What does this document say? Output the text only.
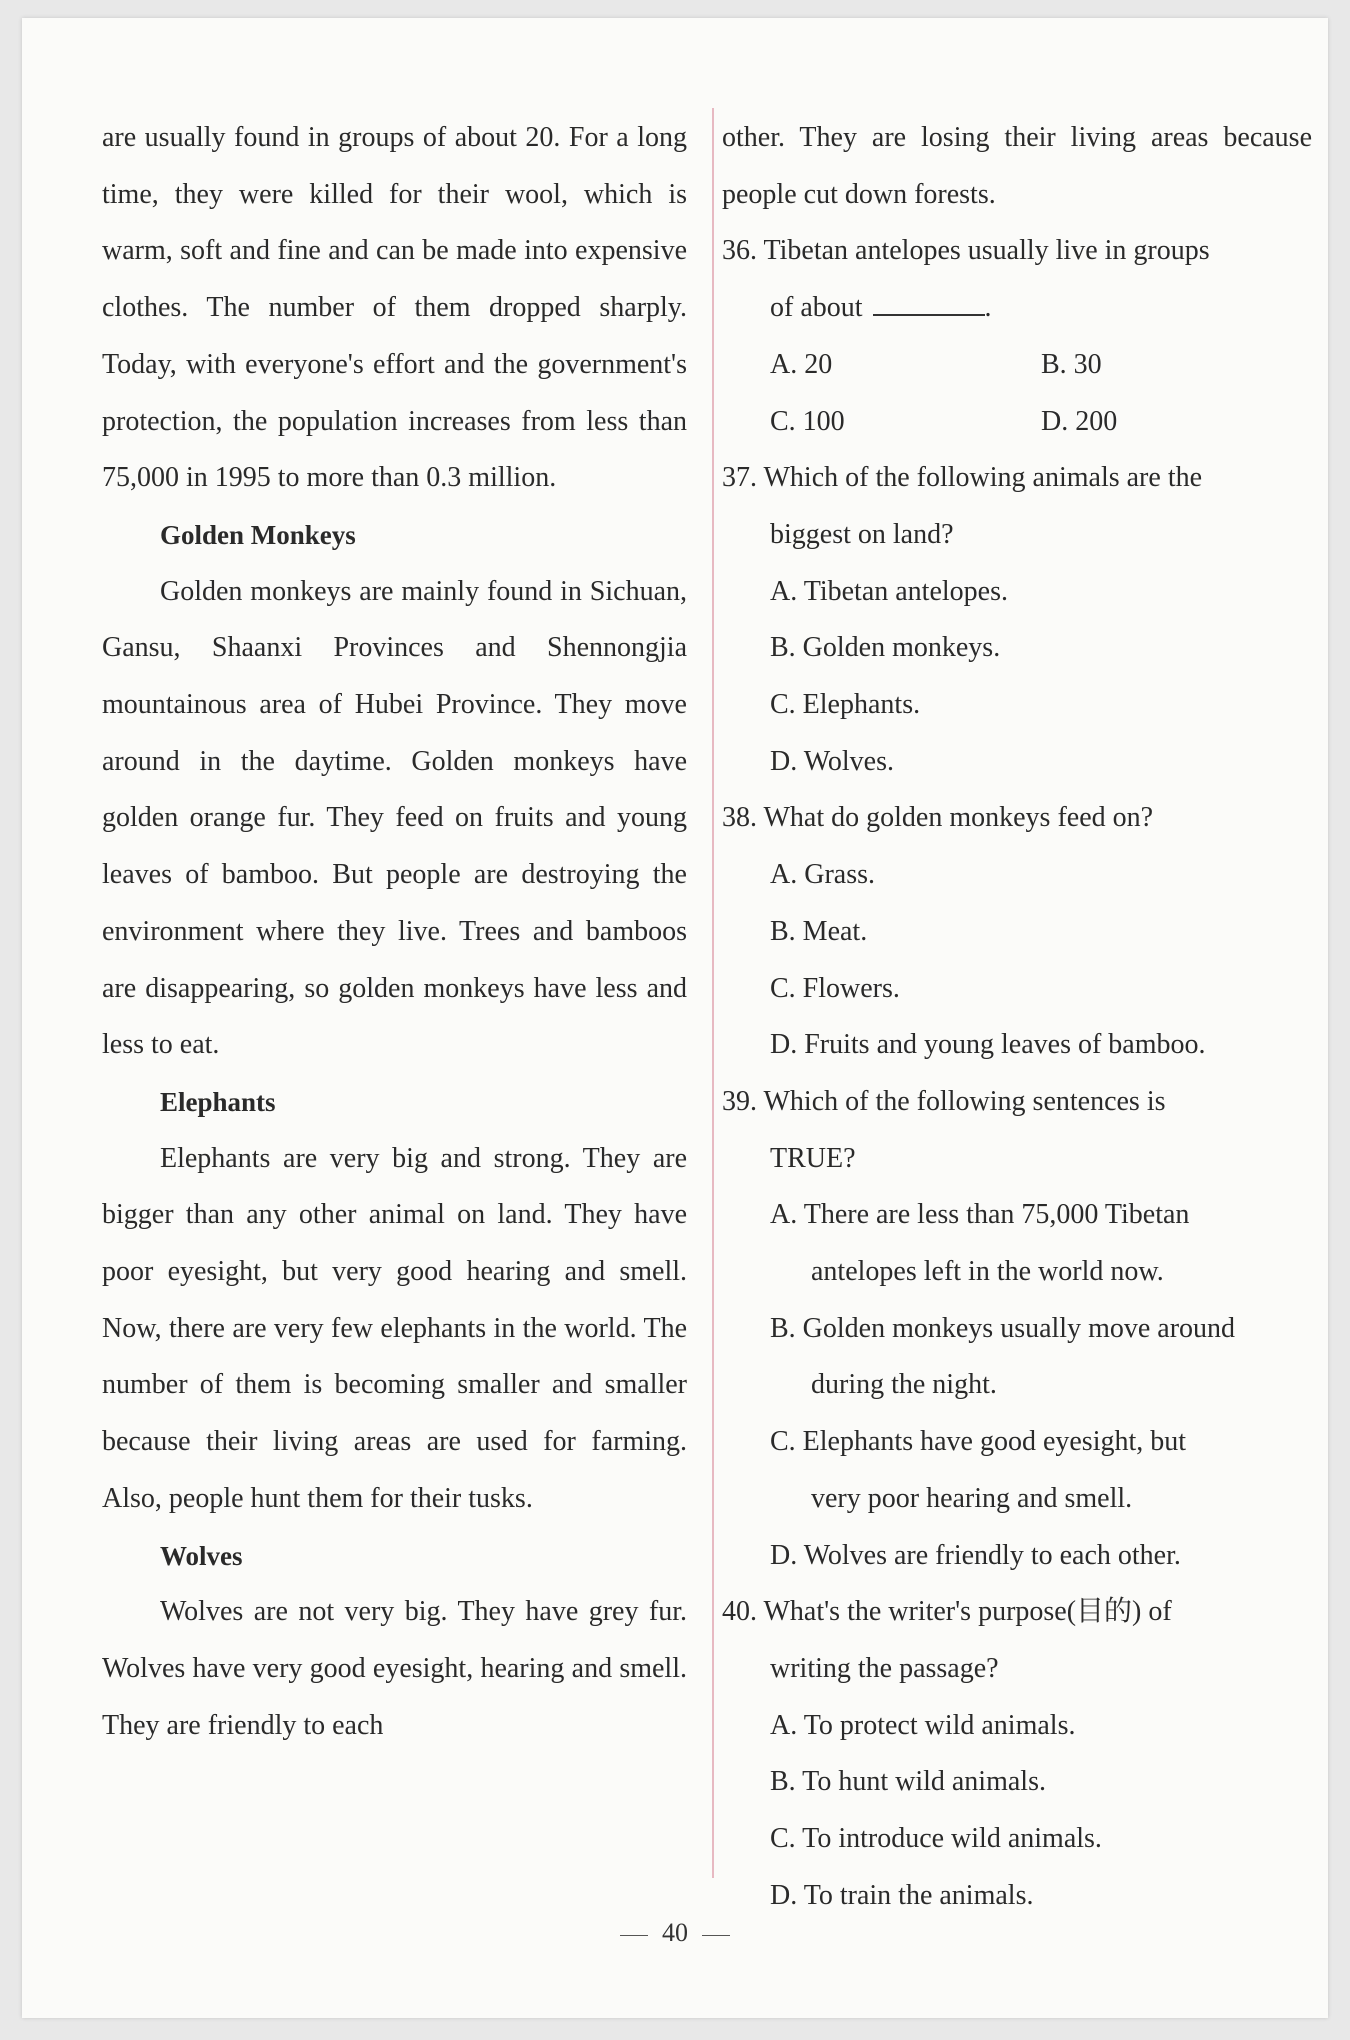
are usually found in groups of about 20. For a long time, they were killed for their wool, which is warm, soft and fine and can be made into expensive clothes. The number of them dropped sharply. Today, with everyone's effort and the government's protection, the population increases from less than 75,000 in 1995 to more than 0.3 million.

Golden Monkeys

Golden monkeys are mainly found in Sichuan, Gansu, Shaanxi Provinces and Shennongjia mountainous area of Hubei Province. They move around in the daytime. Golden monkeys have golden orange fur. They feed on fruits and young leaves of bamboo. But people are destroying the environment where they live. Trees and bamboos are disappearing, so golden monkeys have less and less to eat.

Elephants

Elephants are very big and strong. They are bigger than any other animal on land. They have poor eyesight, but very good hearing and smell. Now, there are very few elephants in the world. The number of them is becoming smaller and smaller because their living areas are used for farming. Also, people hunt them for their tusks.

Wolves

Wolves are not very big. They have grey fur. Wolves have very good eyesight, hearing and smell. They are friendly to each

other. They are losing their living areas because people cut down forests.

36. Tibetan antelopes usually live in groups
of about	.
A. 20	B. 30
C. 100	D. 200
37. Which of the following animals are the
biggest on land?
A. Tibetan antelopes.
B. Golden monkeys.
C. Elephants.
D. Wolves.
38. What do golden monkeys feed on?
A. Grass.
B. Meat.
C. Flowers.
D. Fruits and young leaves of bamboo.
39. Which of the following sentences is
TRUE?
A. There are less than 75,000 Tibetan
antelopes left in the world now.
B. Golden monkeys usually move around
during the night.
C. Elephants have good eyesight, but
very poor hearing and smell.
D. Wolves are friendly to each other.
40. What's the writer's purpose(目的) of
writing the passage?
A. To protect wild animals.
B. To hunt wild animals.
C. To introduce wild animals.
D. To train the animals.
40
